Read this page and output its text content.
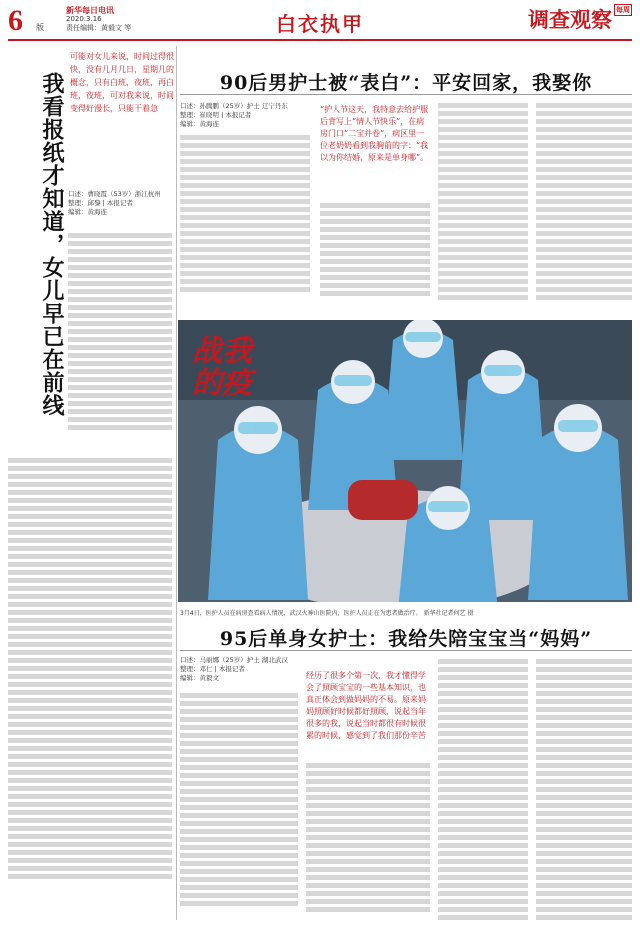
6 版
新华每日电讯
2020.3.16
责任编辑：黄毅文 等	白衣执甲	调查观察 每周
可能对女儿来说，时间过得很快，没有几月几日，星期几的概念，只有白班，夜班，再白班，夜班，可对我来说，时间变得好漫长，只能干着急
我看报纸才知道，女儿早已在前线 口述：曹晓霞（53岁）浙江杭州
整理：邱黎 | 本报记者
编辑：黄海连
90后男护士被“表白”：平安回家，我娶你
口述：孙腾鹏（25岁）护士 辽宁丹东
整理：崔晓明 | 本报记者
编辑：黄海连
“护人节这天，我特意去给护服后背写上“情人节快乐”，在病房门口“二宝并卷”，病区里一位老奶奶看到我胸前的字：“我以为你结婚，原来是单身哪”。
战我的疫
3月4日，医护人员在病房查看病人情况，武汉火神山医院内，医护人员正在为患者做治疗。 新华社记者何艺 摄
95后单身女护士：我给失陪宝宝当“妈妈”
口述：马丽娜（25岁）护士 湖北武汉
整理：邓仁 | 本报记者
编辑：黄毅文	经历了很多个第一次，我才懂得学会了照顾宝宝的一些基本知识，也真正体会到做妈妈的不易。原来妈妈照顾好时候都好照顾，说起当年很多的我，说起当时都很有时候很累的时候，感觉到了我们那份辛苦
